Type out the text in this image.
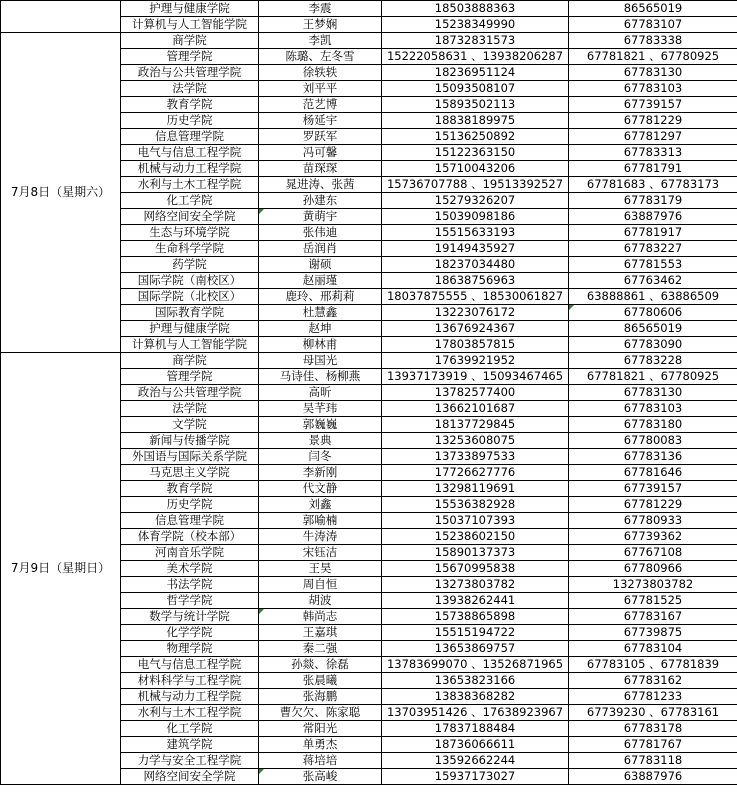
	护理与健康学院	李震	18503888363	86565019
	计算机与人工智能学院	王梦娴	15238349990	67783107
7月8日（星期六）	商学院	李凯	18732831573	67783338
	管理学院	陈璐、左冬雪	15222058631 、13938206287	67781821 、67780925
	政治与公共管理学院	徐轶轶	18236951124	67783130
	法学院	刘平平	15093508107	67783103
	教育学院	范艺博	15893502113	67739157
	历史学院	杨延宇	18838189975	67781229
	信息管理学院	罗跃军	15136250892	67781297
	电气与信息工程学院	冯可馨	15122363150	67783313
	机械与动力工程学院	苗琛琛	15710043206	67781791
	水利与土木工程学院	晁进涛、张茜	15736707788 、19513392527	67781683 、67783173
	化工学院	孙建东	15279326207	67783179
	网络空间安全学院	黄萌宇	15039098186	63887976
	生态与环境学院	张伟迪	15515633193	67781917
	生命科学学院	岳润肖	19149435927	67783227
	药学院	谢硕	18237034480	67781553
	国际学院（南校区）	赵丽瑾	18638756963	67763462
	国际学院（北校区）	鹿玲、邢莉莉	18037875555 、18530061827	63888861 、63886509
	国际教育学院	杜慧鑫	13223076172	67780606
	护理与健康学院	赵坤	13676924367	86565019
	计算机与人工智能学院	柳林甫	17803857815	67783090
7月9日（星期日）	商学院	母国光	17639921952	67783228
	管理学院	马诗佳、杨柳燕	13937173919 、15093467465	67781821 、67780925
	政治与公共管理学院	高昕	13782577400	67783130
	法学院	吴芊玮	13662101687	67783103
	文学院	郭巍巍	18137729845	67783180
	新闻与传播学院	景典	13253608075	67780083
	外国语与国际关系学院	闫冬	13733897533	67783136
	马克思主义学院	李新刚	17726627776	67781646
	教育学院	代文静	13298119691	67739157
	历史学院	刘鑫	15536382928	67781229
	信息管理学院	郭喻楠	15037107393	67780933
	体育学院（校本部）	牛涛涛	15238602150	67739362
	河南音乐学院	宋钰洁	15890137373	67767108
	美术学院	王昊	15670995838	67780966
	书法学院	周自恒	13273803782	13273803782
	哲学学院	胡波	13938262441	67781525
	数学与统计学院	韩尚志	15738865898	67783167
	化学学院	王嘉琪	15515194722	67739875
	物理学院	秦二强	13653869757	67783104
	电气与信息工程学院	孙燚、徐磊	13783699070 、13526871965	67783105 、67781839
	材料科学与工程学院	张晨曦	13653823166	67783162
	机械与动力工程学院	张海鹏	13838368282	67781233
	水利与土木工程学院	曹欠欠、陈家聪	13703951426 、17638923967	67739230 、67783161
	化工学院	常阳光	17837188484	67783178
	建筑学院	单勇杰	18736066611	67781767
	力学与安全工程学院	蒋培培	13592662244	67783118
	网络空间安全学院	张高峻	15937173027	63887976
